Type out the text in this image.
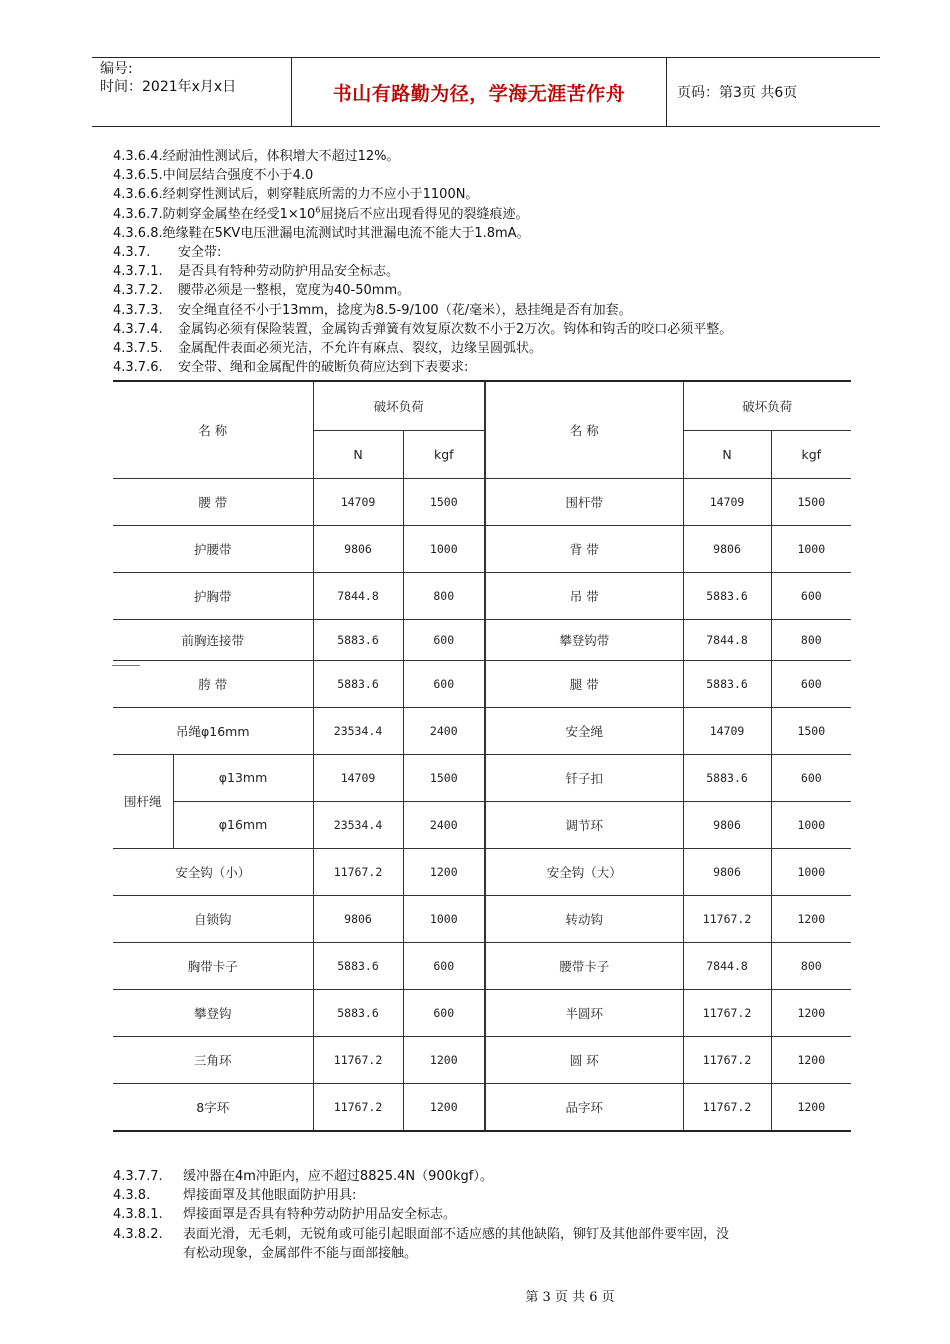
编号:
时间：2021年x月x日	书山有路勤为径，学海无涯苦作舟	页码：第3页 共6页
4.3.6.4.经耐油性测试后，体积增大不超过12%。
4.3.6.5.中间层结合强度不小于4.0
4.3.6.6.经刺穿性测试后，刺穿鞋底所需的力不应小于1100N。
4.3.6.7.防刺穿金属垫在经受$1\times 10^6$屈挠后不应出现看得见的裂缝痕迹。
4.3.6.8.绝缘鞋在5KV电压泄漏电流测试时其泄漏电流不能大于1.8mA。
4.3.7. 安全带:
4.3.7.1. 是否具有特种劳动防护用品安全标志。
4.3.7.2. 腰带必须是一整根，宽度为40-50mm。
4.3.7.3. 安全绳直径不小于13mm，捻度为8.5-9/100（花/毫米），悬挂绳是否有加套。
4.3.7.4. 金属钩必须有保险装置，金属钩舌弹簧有效复原次数不小于2万次。钩体和钩舌的咬口必须平整。
4.3.7.5. 金属配件表面必须光洁，不允许有麻点、裂纹，边缘呈圆弧状。
4.3.7.6. 安全带、绳和金属配件的破断负荷应达到下表要求:
名 称		破坏负荷		名 称	破坏负荷	
		N	kgf		N	kgf
腰 带		14709	1500	围杆带	14709	1500
护腰带		9806	1000	背 带	9806	1000
护胸带		7844.8	800	吊 带	5883.6	600
前胸连接带		5883.6	600	攀登钩带	7844.8	800
胯 带		5883.6	600	腿 带	5883.6	600
吊绳φ16mm		23534.4	2400	安全绳	14709	1500
围杆绳	φ13mm	14709	1500	钎子扣	5883.6	600
	φ16mm	23534.4	2400	调节环	9806	1000
安全钩（小）		11767.2	1200	安全钩（大）	9806	1000
自锁钩		9806	1000	转动钩	11767.2	1200
胸带卡子		5883.6	600	腰带卡子	7844.8	800
攀登钩		5883.6	600	半圆环	11767.2	1200
三角环		11767.2	1200	圆 环	11767.2	1200
8字环		11767.2	1200	品字环	11767.2	1200
4.3.7.7. 缓冲器在4m冲距内，应不超过8825.4N（900kgf）。
4.3.8.	焊接面罩及其他眼面防护用具:
4.3.8.1. 焊接面罩是否具有特种劳动防护用品安全标志。
4.3.8.2. 表面光滑，无毛刺，无锐角或可能引起眼面部不适应感的其他缺陷，铆钉及其他部件要牢固，没
有松动现象，金属部件不能与面部接触。
第 3 页 共 6 页
